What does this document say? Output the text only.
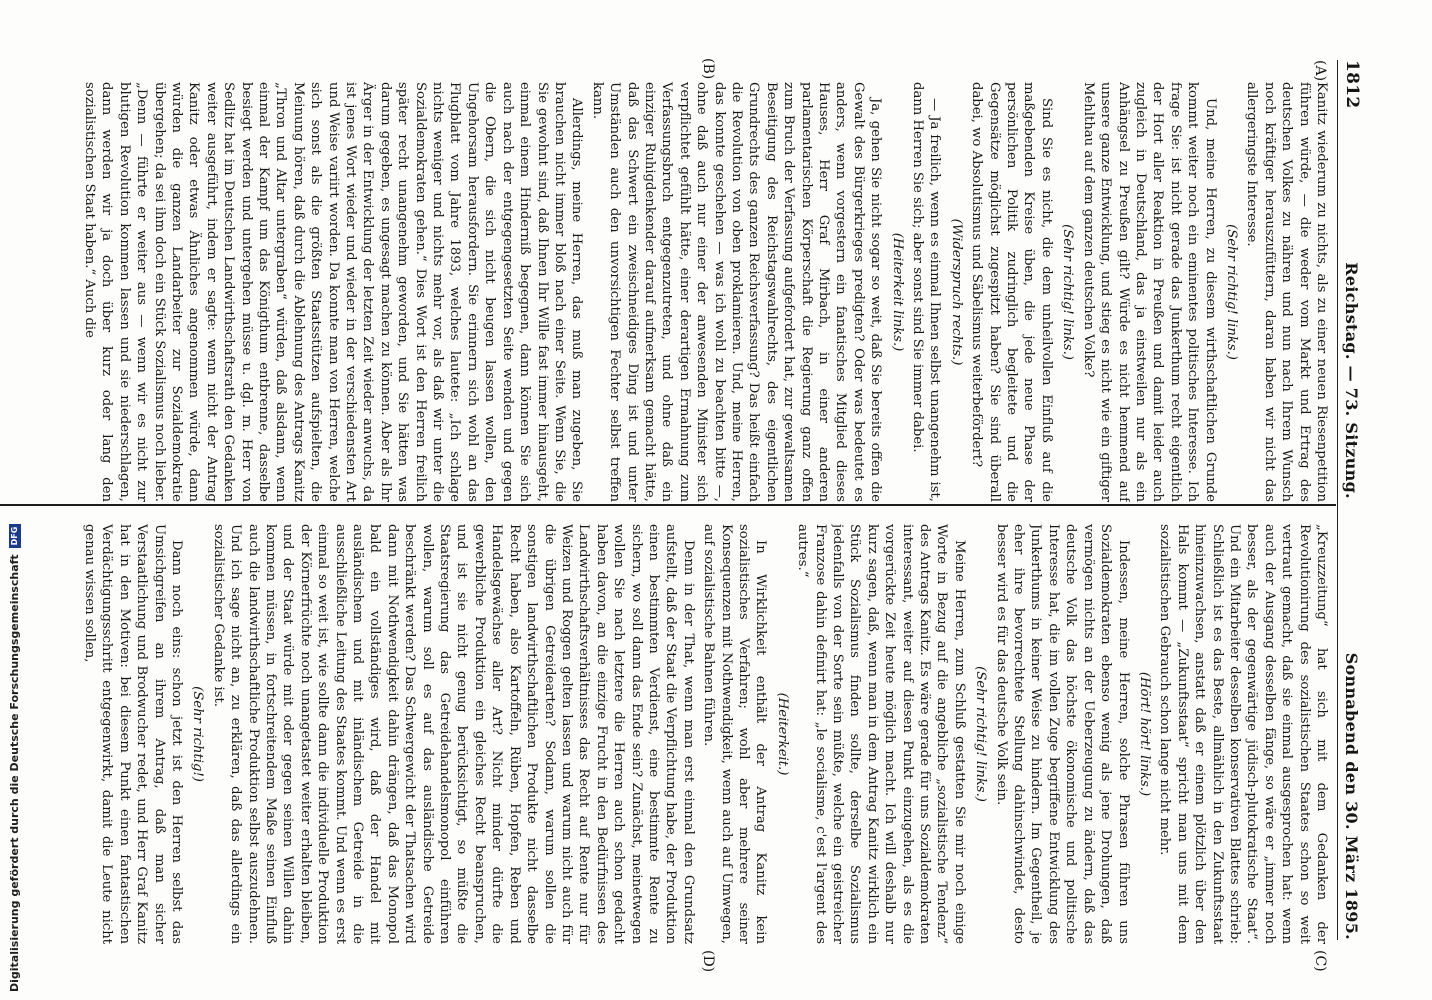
1812
Reichstag. — 73. Sitzung.
Sonnabend den 30. März 1895.
(A)
(B)
(C)
(D)

Kanitz wiederum zu nichts, als zu einer neuen Riesenpetition führen würde, — die weder vom Markt und Ertrag des deutschen Volkes zu nähren und nun nach Ihrem Wunsch noch kräftiger herauszufüttern, daran haben wir nicht das allergeringste Interesse.

(Sehr richtig! links.)

Und, meine Herren, zu diesem wirthschaftlichen Grunde kommt weiter noch ein eminentes politisches Interesse. Ich frage Sie: ist nicht gerade das Junkerthum recht eigentlich der Hort aller Reaktion in Preußen und damit leider auch zugleich in Deutschland, das ja einstweilen nur als ein Anhängsel zu Preußen gilt? Würde es nicht hemmend auf unsere ganze Entwicklung, und stieg es nicht wie ein giftiger Mehlthau auf dem ganzen deutschen Volke?

(Sehr richtig! links.)

Sind Sie es nicht, die dem unheilvollen Einfluß auf die maßgebenden Kreise üben, die jede neue Phase der persönlichen Politik zudringlich begleitete und die Gegensätze möglichst zugespitzt haben? Sie sind überall dabei, wo Absolutismus und Säbelismus weiterbefördert?

(Widerspruch rechts.)

— Ja freilich, wenn es einmal Ihnen selbst unangenehm ist, dann Herren Sie sich; aber sonst sind Sie immer dabei.

(Heiterkeit links.)

Ja, gehen Sie nicht sogar so weit, daß Sie bereits offen die Gewalt des Bürgerkrieges predigten? Oder was bedeutet es anders, wenn vorgestern ein fanatisches Mitglied dieses Hauses, Herr Graf Mirbach, in einer anderen parlamentarischen Körperschaft die Regierung ganz offen zum Bruch der Verfassung aufgefordert hat, zur gewaltsamen Beseitigung des Reichstagswahlrechts, des eigentlichen Grundrechts des ganzen Reichsverfassung? Das heißt einfach die Revolution von oben proklamieren. Und, meine Herren, das konnte geschehen — was ich wohl zu beachten bitte —, ohne daß auch nur einer der anwesenden Minister sich verpflichtet gefühlt hätte, einer derartigen Ermahnung zum Verfassungsbruch entgegenzutreten, und ohne daß ein einziger Ruhigdenkender darauf aufmerksam gemacht hätte, daß das Schwert ein zweischneidiges Ding ist und unter Umständen auch den unvorsichtigen Fechter selbst treffen kann.

Allerdings, meine Herren, das muß man zugeben, Sie brauchen nicht immer bloß nach einer Seite. Wenn Sie, die Sie gewohnt sind, daß Ihnen Ihr Wille fast immer hinausgeht, einmal einem Hinderniß begegnen, dann können Sie sich auch nach der entgegengesetzten Seite wenden und gegen die Obern, die sich nicht beugen lassen wollen, den Ungehorsam herausfordern. Sie erinnern sich wohl an das Flugblatt vom Jahre 1893, welches lautete: „Ich schlage nichts weniger und nichts mehr vor, als daß wir unter die Sozialdemokraten gehen.“ Dies Wort ist den Herren freilich später recht unangenehm geworden, und Sie hätten was darum gegeben, es ungesagt machen zu können. Aber als Ihr Ärger in der Entwicklung der letzten Zeit wieder anwuchs, da ist jenes Wort wieder und wieder in der verschiedensten Art und Weise variirt worden. Da konnte man von Herren, welche sich sonst als die größten Staatsstützen aufspielten, die Meinung hören, daß durch die Ablehnung des Antrags Kanitz „Thron und Altar untergraben“ würden, daß alsdann, wenn einmal der Kampf um das Königthum entbrenne, dasselbe besiegt werden und untergehen müsse u. dgl. m. Herr von Sedlitz hat im Deutschen Landwirthschaftsrath den Gedanken weiter ausgeführt, indem er sagte: wenn nicht der Antrag Kanitz oder etwas Ähnliches angenommen würde, dann würden die ganzen Landarbeiter zur Sozialdemokratie übergehen; da sei ihm doch ein Stück Sozialismus noch lieber. „Denn — führte er weiter aus — wenn wir es nicht zur blutigen Revolution kommen lassen und sie niederschlagen, dann werden wir ja doch über kurz oder lang den sozialistischen Staat haben.“ Auch die

„Kreuzzeitung“ hat sich mit dem Gedanken der Revolutionirung des sozialistischen Staates schon so weit vertraut gemacht, daß sie einmal ausgesprochen hat: wenn auch der Ausgang desselben fänge, so wäre er „immer noch besser, als der gegenwärtige jüdisch-plutokratische Staat“. Und ein Mitarbeiter desselben konservativen Blattes schrieb: Schließlich ist es das Beste, allmählich in den Zukunftsstaat hineinzuwachsen, anstatt daß er einem plötzlich über den Hals kommt — „Zukunftsstaat“ spricht man uns mit dem sozialistischen Gebrauch schon lange nicht mehr.

(Hört! hört! links.)

Indessen, meine Herren, solche Phrasen führen uns Sozialdemokraten ebenso wenig als jene Drohungen, daß vermögen nichts an der Ueberzeugung zu ändern, daß das deutsche Volk das höchste ökonomische und politische Interesse hat, die im vollen Zuge begriffene Entwicklung des Junkerthums in keiner Weise zu hindern. Im Gegentheil, je eher ihre bevorrechtete Stellung dahinschwindet, desto besser wird es für das deutsche Volk sein.

(Sehr richtig! links.)

Meine Herren, zum Schluß gestatten Sie mir noch einige Worte in Bezug auf die angebliche „sozialistische Tendenz“ des Antrags Kanitz. Es wäre gerade für uns Sozialdemokraten interessant, weiter auf diesen Punkt einzugehen, als es die vorgerückte Zeit heute möglich macht. Ich will deshalb nur kurz sagen, daß, wenn man in dem Antrag Kanitz wirklich ein Stück Sozialismus finden sollte, derselbe Sozialismus jedenfalls von der Sorte sein müßte, welche ein geistreicher Franzose dahin definirt hat: „le socialisme, c'est l'argent des autres.“

(Heiterkeit.)

In Wirklichkeit enthält der Antrag Kanitz kein sozialistisches Verfahren; wohl aber mehrere seiner Konsequenzen mit Nothwendigkeit, wenn auch auf Umwegen, auf sozialistische Bahnen führen.

Denn in der That, wenn man erst einmal den Grundsatz aufstellt, daß der Staat die Verpflichtung habe, der Produktion einen bestimmten Verdienst, eine bestimmte Rente zu sichern, wo soll dann das Ende sein? Zunächst, meinetwegen wollen Sie nach letztere die Herren auch schon gedacht haben davon, an die einzige Frucht in den Bedürfnissen des Landwirthschaftsverhältnisses das Recht auf Rente nur für Weizen und Roggen gelten lassen und warum nicht auch für die übrigen Getreidearten? Sodann, warum sollen die sonstigen landwirthschaftlichen Produkte nicht dasselbe Recht haben, also Kartoffeln, Rüben, Hopfen, Reben und Handelsgewächse aller Art? Nicht minder dürfte die gewerbliche Produktion ein gleiches Recht beanspruchen, und ist sie nicht genug berücksichtigt, so müßte die Staatsregierung das Getreidehandelsmonopol einführen wollen, warum soll es auf das ausländische Getreide beschränkt werden? Das Schwergewicht der Thatsachen wird dann mit Nothwendigkeit dahin drängen, daß das Monopol bald ein vollständiges wird, daß der Handel mit ausländischem und mit inländischem Getreide in die ausschließliche Leitung des Staates kommt. Und wenn es erst einmal so weit ist, wie sollte dann die individuelle Produktion der Körnerfrüchte noch unangetastet weiter erhalten bleiben, und der Staat würde mit oder gegen seinen Willen dahin kommen müssen, in fortschreitendem Maße seinen Einfluß auch die landwirthschaftliche Produktion selbst auszudehnen. Und ich sage nicht an, zu erklären, daß das allerdings ein sozialistischer Gedanke ist.

(Sehr richtig!)

Dann noch eins: schon jetzt ist den Herren selbst das Umsichgreifen an ihrem Antrag, daß man sicher Verstaatlichung und Brodwucher redet, und Herr Graf Kanitz hat in den Motiven: bei diesem Punkt einen fantastischen Verdächtigungsschritt entgegenwirkt, damit die Leute nicht genau wissen sollen,

Digitalisierung gefördert durch die Deutsche Forschungsgemeinschaft
DFG
